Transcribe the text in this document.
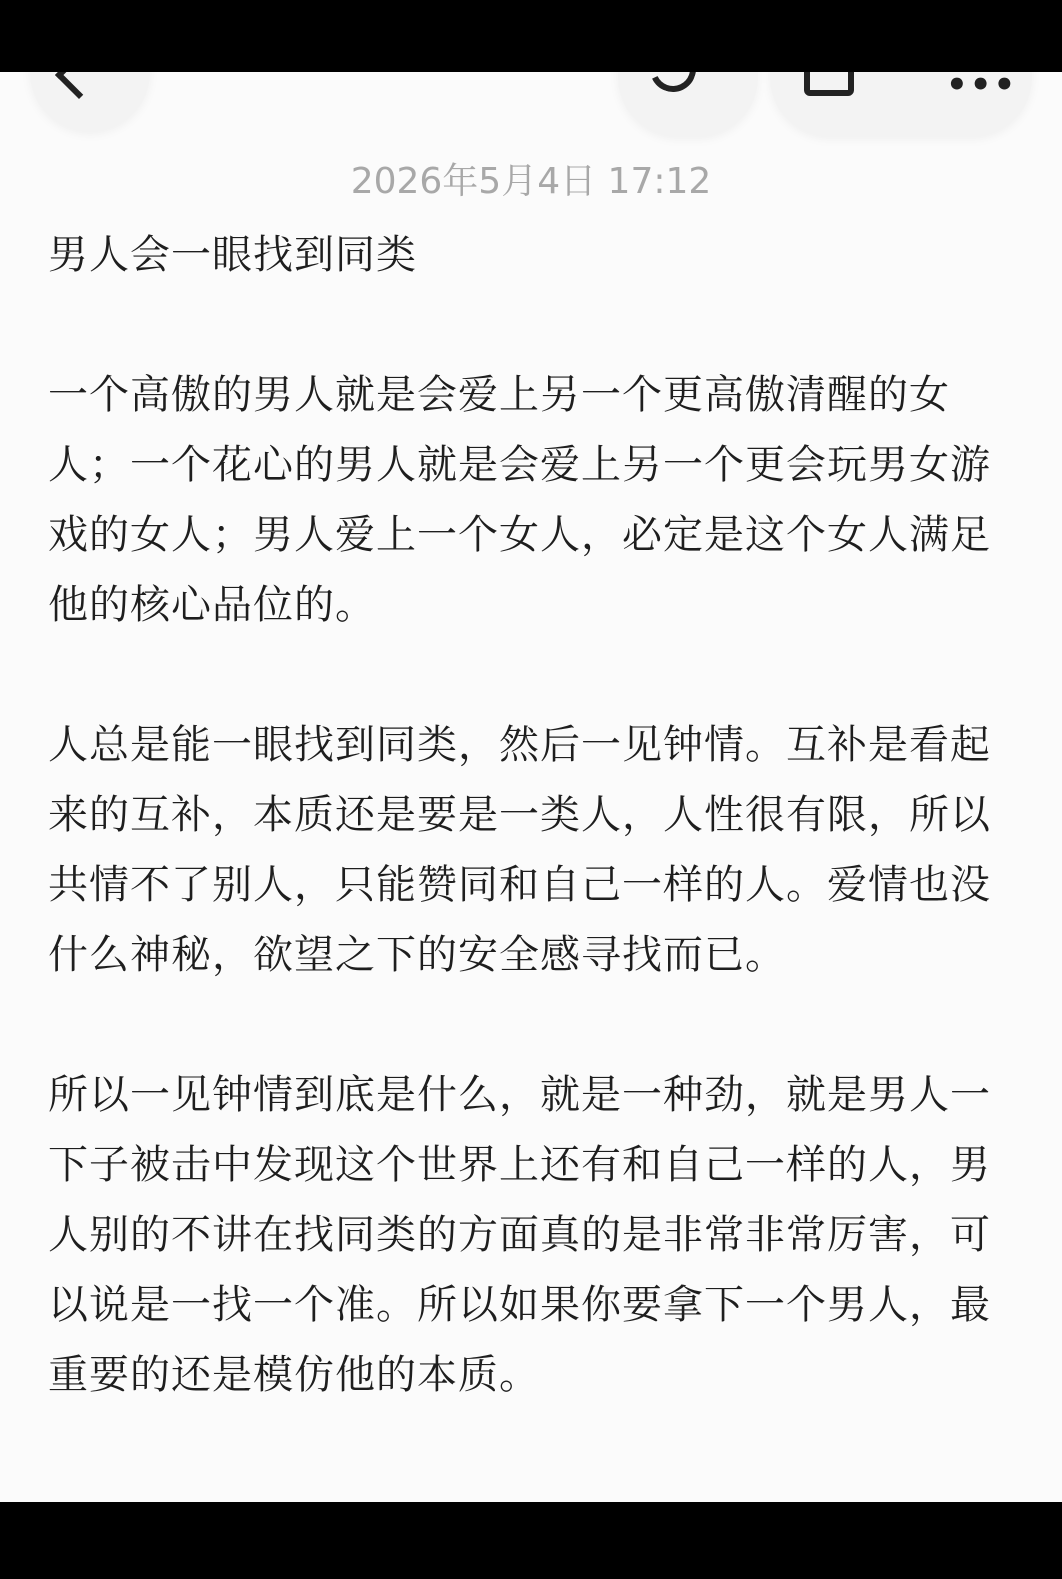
•••
2026年5月4日 17:12

男人会一眼找到同类

一个高傲的男人就是会爱上另一个更高傲清醒的女人；一个花心的男人就是会爱上另一个更会玩男女游戏的女人；男人爱上一个女人，必定是这个女人满足他的核心品位的。

人总是能一眼找到同类，然后一见钟情。互补是看起来的互补，本质还是要是一类人，人性很有限，所以共情不了别人，只能赞同和自己一样的人。爱情也没什么神秘，欲望之下的安全感寻找而已。

所以一见钟情到底是什么，就是一种劲，就是男人一下子被击中发现这个世界上还有和自己一样的人，男人别的不讲在找同类的方面真的是非常非常厉害，可以说是一找一个准。所以如果你要拿下一个男人，最重要的还是模仿他的本质。
